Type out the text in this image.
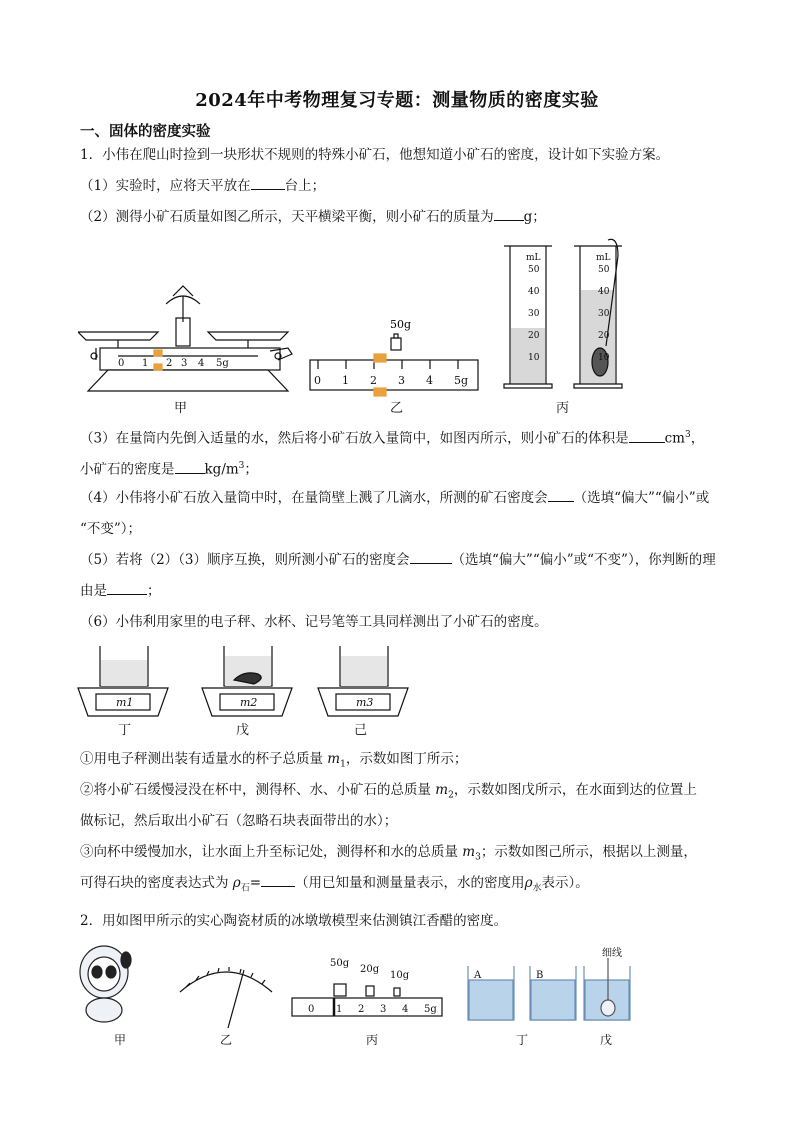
2024年中考物理复习专题：测量物质的密度实验
一、固体的密度实验
1．小伟在爬山时捡到一块形状不规则的特殊小矿石，他想知道小矿石的密度，设计如下实验方案。
（1）实验时，应将天平放在	台上；
（2）测得小矿石质量如图乙所示，天平横梁平衡，则小矿石的质量为 g；
0 1 2 3 4 5g
50g
0 1 2 3 4 5g
mL	mL
50
40
30
20
10
50
40
30
20
10
甲	乙	丙
（3）在量筒内先倒入适量的水，然后将小矿石放入量筒中，如图丙所示，则小矿石的体积是	$cm^3$，
小矿石的密度是 $kg/m^3$；
（4）小伟将小矿石放入量筒中时，在量筒壁上溅了几滴水，所测的矿石密度会 （选填“偏大”“偏小”或
“不变”）；
（5）若将（2）（3）顺序互换，则所测小矿石的密度会	（选填“偏大”“偏小”或“不变”），你判断的理
由是	；
（6）小伟利用家里的电子秤、水杯、记号笔等工具同样测出了小矿石的密度。
m1	m2	m3
丁	戊	己
①用电子秤测出装有适量水的杯子总质量 $m_1$，示数如图丁所示；
②将小矿石缓慢浸没在杯中，测得杯、水、小矿石的总质量 $m_2$，示数如图戊所示，在水面到达的位置上
做标记，然后取出小矿石（忽略石块表面带出的水）；
③向杯中缓慢加水，让水面上升至标记处，测得杯和水的总质量 $m_3$；示数如图己所示，根据以上测量，
可得石块的密度表达式为 $\rho_石=$	（用已知量和测量量表示，水的密度用$\rho_水$表示）。
2．用如图甲所示的实心陶瓷材质的冰墩墩模型来估测镇江香醋的密度。
50g
20g
10g
0 1 2 3 4 5g
A	B
细线
甲	乙	丙	丁	戊
